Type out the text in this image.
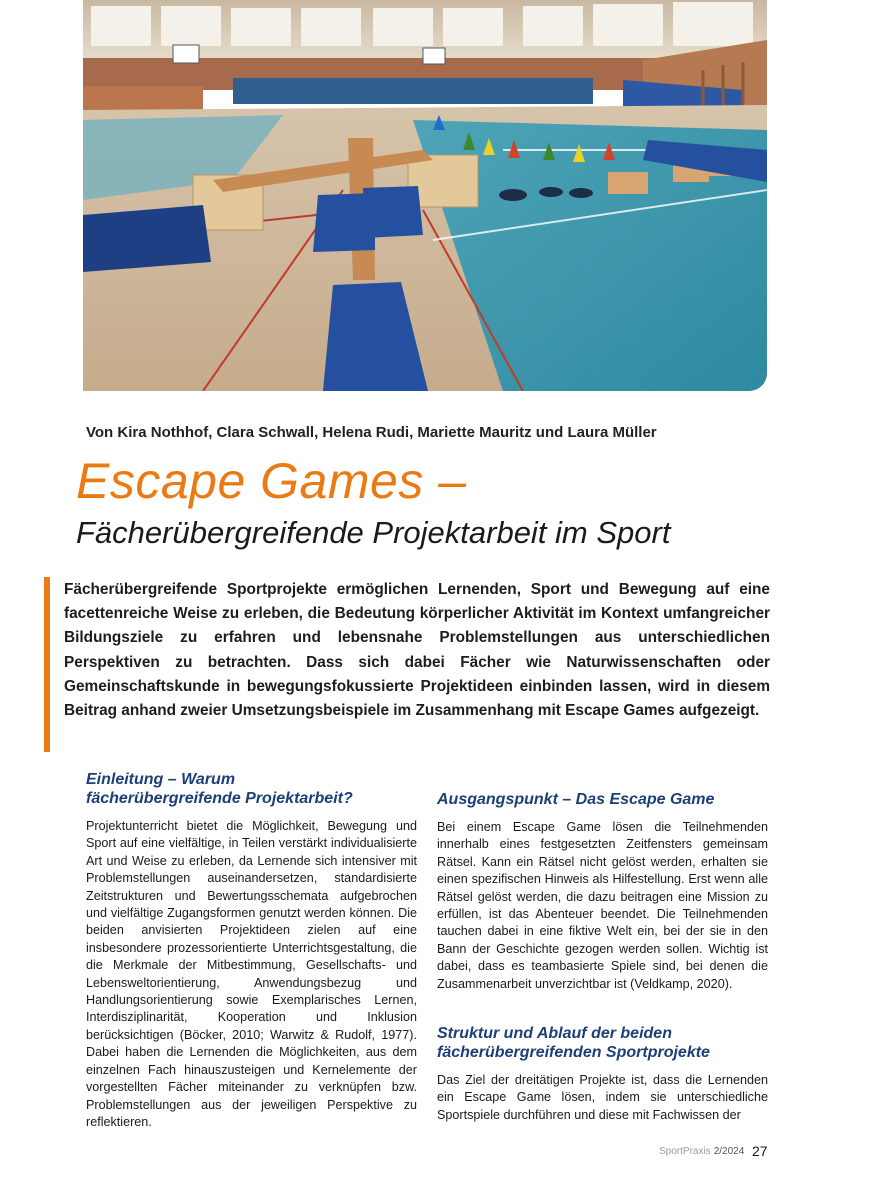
Von Kira Nothhof, Clara Schwall, Helena Rudi, Mariette Mauritz und Laura Müller
Escape Games –
Fächerübergreifende Projektarbeit im Sport

Fächerübergreifende Sportprojekte ermöglichen Lernenden, Sport und Bewegung auf eine facettenreiche Weise zu erleben, die Bedeutung körperlicher Aktivität im Kontext umfangreicher Bildungsziele zu erfahren und lebensnahe Problemstellungen aus unterschiedlichen Perspektiven zu betrachten. Dass sich dabei Fächer wie Naturwissenschaften oder Gemeinschaftskunde in bewegungsfokussierte Projektideen einbinden lassen, wird in diesem Beitrag anhand zweier Umsetzungsbeispiele im Zusammenhang mit Escape Games aufgezeigt.

Einleitung – Warum
fächerübergreifende Projektarbeit?

Projektunterricht bietet die Möglichkeit, Bewegung und Sport auf eine vielfältige, in Teilen verstärkt individualisierte Art und Weise zu erleben, da Lernende sich intensiver mit Problemstellungen auseinandersetzen, standardisierte Zeitstrukturen und Bewertungsschemata aufgebrochen und vielfältige Zugangsformen genutzt werden können. Die beiden anvisierten Projektideen zielen auf eine insbesondere prozessorientierte Unterrichtsgestaltung, die die Merkmale der Mitbestimmung, Gesellschafts- und Lebensweltorientierung, Anwendungsbezug und Handlungsorientierung sowie Exemplarisches Lernen, Interdisziplinarität, Kooperation und Inklusion berücksichtigen (Böcker, 2010; Warwitz & Rudolf, 1977). Dabei haben die Lernenden die Möglichkeiten, aus dem einzelnen Fach hinauszusteigen und Kernelemente der vorgestellten Fächer miteinander zu verknüpfen bzw. Problemstellungen aus der jeweiligen Perspektive zu reflektieren.

Ausgangspunkt – Das Escape Game

Bei einem Escape Game lösen die Teilnehmenden innerhalb eines festgesetzten Zeitfensters gemeinsam Rätsel. Kann ein Rätsel nicht gelöst werden, erhalten sie einen spezifischen Hinweis als Hilfestellung. Erst wenn alle Rätsel gelöst werden, die dazu beitragen eine Mission zu erfüllen, ist das Abenteuer beendet. Die Teilnehmenden tauchen dabei in eine fiktive Welt ein, bei der sie in den Bann der Geschichte gezogen werden sollen. Wichtig ist dabei, dass es teambasierte Spiele sind, bei denen die Zusammenarbeit unverzichtbar ist (Veldkamp, 2020).

Struktur und Ablauf der beiden
fächerübergreifenden Sportprojekte

Das Ziel der dreitätigen Projekte ist, dass die Lernenden ein Escape Game lösen, indem sie unterschiedliche Sportspiele durchführen und diese mit Fachwissen der

SportPraxis 2/2024 27
